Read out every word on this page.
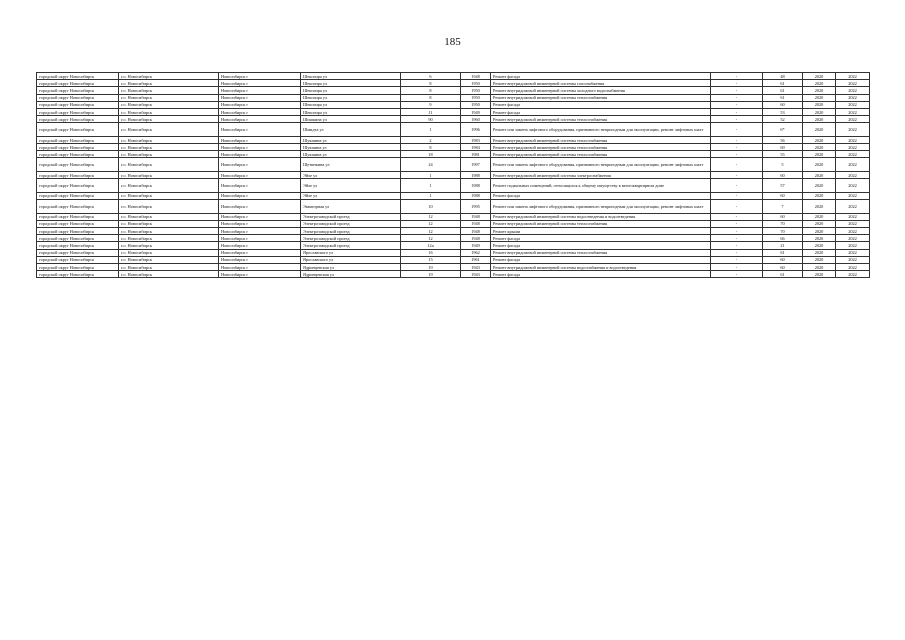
185
городской округ Новосибирск	г.о. Новосибирск	Новосибирск г	Шекспира ул	6	1948	Ремонт фасада	-	48	2020	2022
городской округ Новосибирск	г.о. Новосибирск	Новосибирск г	Шекспира ул	8	1950	Ремонт внутридомовой инженерной системы газоснабжения	-	61	2020	2022
городской округ Новосибирск	г.о. Новосибирск	Новосибирск г	Шекспира ул	8	1950	Ремонт внутридомовой инженерной системы холодного водоснабжения	-	61	2020	2022
городской округ Новосибирск	г.о. Новосибирск	Новосибирск г	Шекспира ул	8	1950	Ремонт внутридомовой инженерной системы теплоснабжения	-	61	2020	2022
городской округ Новосибирск	г.о. Новосибирск	Новосибирск г	Шекспира ул	9	1950	Ремонт фасада	-	60	2020	2022
городской округ Новосибирск	г.о. Новосибирск	Новосибирск г	Шекспира ул	11	1949	Ремонт фасада	-	53	2020	2022
городской округ Новосибирск	г.о. Новосибирск	Новосибирск г	Шишкина ул	90	1960	Ремонт внутридомовой инженерной системы теплоснабжения	-	52	2020	2022
городской округ Новосибирск	г.о. Новосибирск	Новосибирск г	Шмидта ул	1	1996	Ремонт или замена лифтового оборудования, признанного непригодным для эксплуатации, ремонт лифтовых шахт	-	6*	2020	2022
городской округ Новосибирск	г.о. Новосибирск	Новосибирск г	Шукшина ул	2	1983	Ремонт внутридомовой инженерной системы теплоснабжения	-	56	2020	2022
городской округ Новосибирск	г.о. Новосибирск	Новосибирск г	Шукшина ул	8	1984	Ремонт внутридомовой инженерной системы теплоснабжения	-	69	2020	2022
городской округ Новосибирск	г.о. Новосибирск	Новосибирск г	Шукшина ул	18	1981	Ремонт внутридомовой инженерной системы теплоснабжения	-	55	2020	2022
городской округ Новосибирск	г.о. Новосибирск	Новосибирск г	Щетинкина ул	24	1997	Ремонт или замена лифтового оборудования, признанного непригодным для эксплуатации, ремонт лифтовых шахт	-	5	2020	2022
городской округ Новосибирск	г.о. Новосибирск	Новосибирск г	Эйхе ул	1	1988	Ремонт внутридомовой инженерной системы электроснабжения	-	60	2020	2022
городской округ Новосибирск	г.о. Новосибирск	Новосибирск г	Эйхе ул	1	1988	Ремонт подвальных помещений, относящихся к общему имуществу в многоквартирном доме	-	57	2020	2022
городской округ Новосибирск	г.о. Новосибирск	Новосибирск г	Эйхе ул	1	1988	Ремонт фасада	-	60	2020	2022
городской округ Новосибирск	г.о. Новосибирск	Новосибирск г	Экваторная ул	10	1995	Ремонт или замена лифтового оборудования, признанного непригодным для эксплуатации, ремонт лифтовых шахт	-	7	2020	2022
городской округ Новосибирск	г.о. Новосибирск	Новосибирск г	Электрозаводской проезд	12	1948	Ремонт внутридомовой инженерной системы водоотведения и водоотведения	-	60	2020	2022
городской округ Новосибирск	г.о. Новосибирск	Новосибирск г	Электрозаводской проезд	12	1948	Ремонт внутридомовой инженерной системы теплоснабжения	-	70	2020	2022
городской округ Новосибирск	г.о. Новосибирск	Новосибирск г	Электрозаводской проезд	12	1948	Ремонт крыши	-	70	2020	2022
городской округ Новосибирск	г.о. Новосибирск	Новосибирск г	Электрозаводской проезд	12	1948	Ремонт фасада	-	66	2020	2022
городской округ Новосибирск	г.о. Новосибирск	Новосибирск г	Электрозаводской проезд	12а	1949	Ремонт фасада	-	21	2020	2022
городской округ Новосибирск	г.о. Новосибирск	Новосибирск г	Ярославского ул	16	1962	Ремонт внутридомовой инженерной системы теплоснабжения	-	61	2020	2022
городской округ Новосибирск	г.о. Новосибирск	Новосибирск г	Ярославского ул	15	1961	Ремонт фасада	-	60	2020	2022
городской округ Новосибирск	г.о. Новосибирск	Новосибирск г	Ядринцевская ул	19	1943	Ремонт внутридомовой инженерной системы водоснабжения и водоотведения	-	60	2020	2022
городской округ Новосибирск	г.о. Новосибирск	Новосибирск г	Ядринцевская ул	19	1943	Ремонт фасада	-	61	2020	2022
